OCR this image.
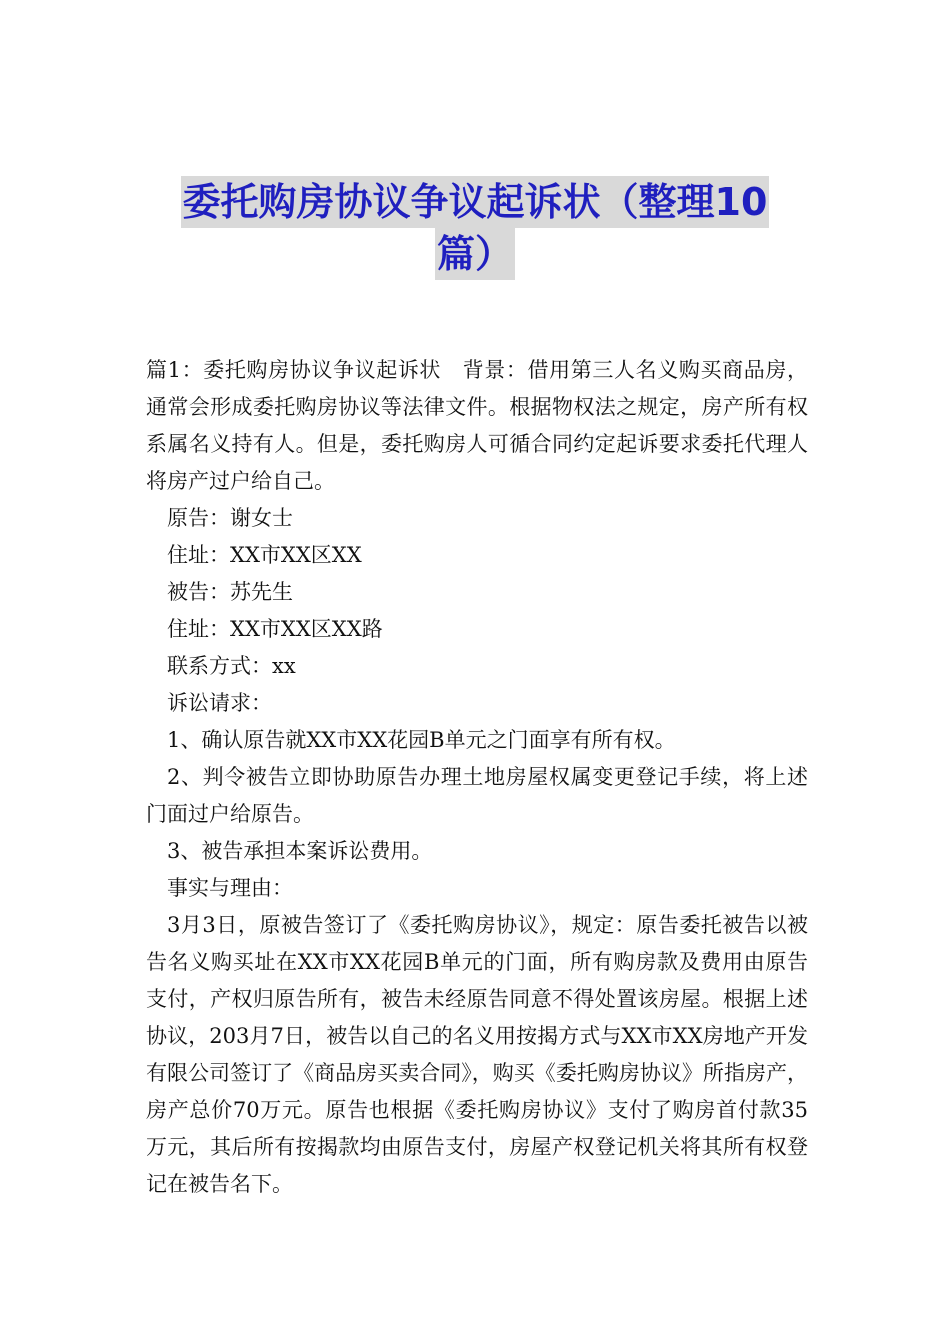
委托购房协议争议起诉状（整理10
篇）

篇1：委托购房协议争议起诉状　背景：借用第三人名义购买商品房，通常会形成委托购房协议等法律文件。根据物权法之规定，房产所有权系属名义持有人。但是，委托购房人可循合同约定起诉要求委托代理人将房产过户给自己。

原告：谢女士

住址：XX市XX区XX

被告：苏先生

住址：XX市XX区XX路

联系方式：xx

诉讼请求：

1、确认原告就XX市XX花园B单元之门面享有所有权。

2、判令被告立即协助原告办理土地房屋权属变更登记手续，将上述门面过户给原告。

3、被告承担本案诉讼费用。

事实与理由：

3月3日，原被告签订了《委托购房协议》，规定：原告委托被告以被告名义购买址在XX市XX花园B单元的门面，所有购房款及费用由原告支付，产权归原告所有，被告未经原告同意不得处置该房屋。根据上述协议，203月7日，被告以自己的名义用按揭方式与XX市XX房地产开发有限公司签订了《商品房买卖合同》，购买《委托购房协议》所指房产，房产总价70万元。原告也根据《委托购房协议》支付了购房首付款35万元，其后所有按揭款均由原告支付，房屋产权登记机关将其所有权登记在被告名下。
